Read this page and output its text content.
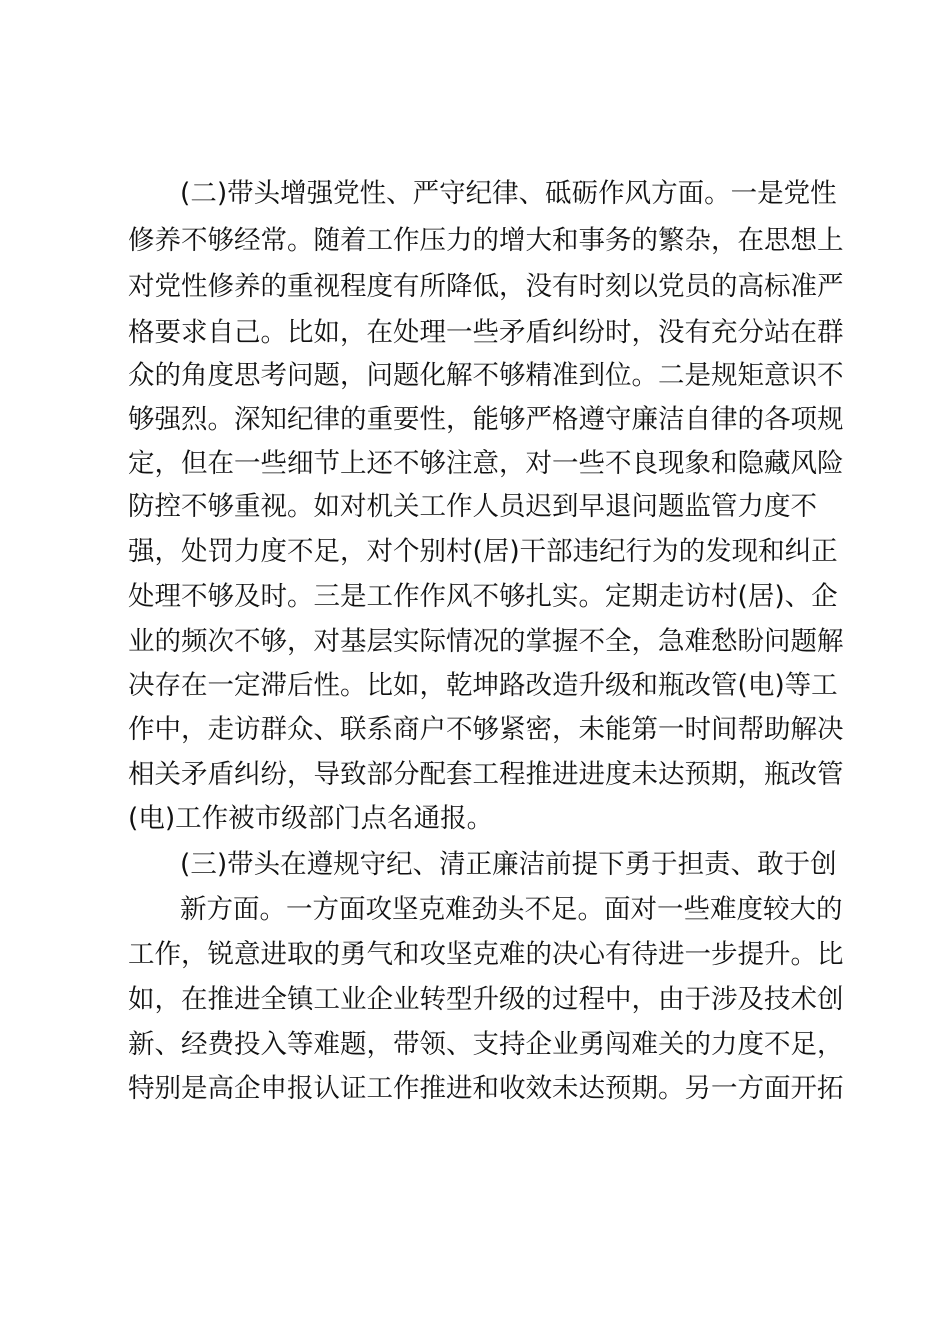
(二)带头增强党性、严守纪律、砥砺作风方面。一是党性
修养不够经常。随着工作压力的增大和事务的繁杂，在思想上
对党性修养的重视程度有所降低，没有时刻以党员的高标准严
格要求自己。比如，在处理一些矛盾纠纷时，没有充分站在群
众的角度思考问题，问题化解不够精准到位。二是规矩意识不
够强烈。深知纪律的重要性，能够严格遵守廉洁自律的各项规
定，但在一些细节上还不够注意，对一些不良现象和隐藏风险
防控不够重视。如对机关工作人员迟到早退问题监管力度不
强，处罚力度不足，对个别村(居)干部违纪行为的发现和纠正
处理不够及时。三是工作作风不够扎实。定期走访村(居)、企
业的频次不够，对基层实际情况的掌握不全，急难愁盼问题解
决存在一定滞后性。比如，乾坤路改造升级和瓶改管(电)等工
作中，走访群众、联系商户不够紧密，未能第一时间帮助解决
相关矛盾纠纷，导致部分配套工程推进进度未达预期，瓶改管
(电)工作被市级部门点名通报。
(三)带头在遵规守纪、清正廉洁前提下勇于担责、敢于创
新方面。一方面攻坚克难劲头不足。面对一些难度较大的
工作，锐意进取的勇气和攻坚克难的决心有待进一步提升。比
如，在推进全镇工业企业转型升级的过程中，由于涉及技术创
新、经费投入等难题，带领、支持企业勇闯难关的力度不足，
特别是高企申报认证工作推进和收效未达预期。另一方面开拓
